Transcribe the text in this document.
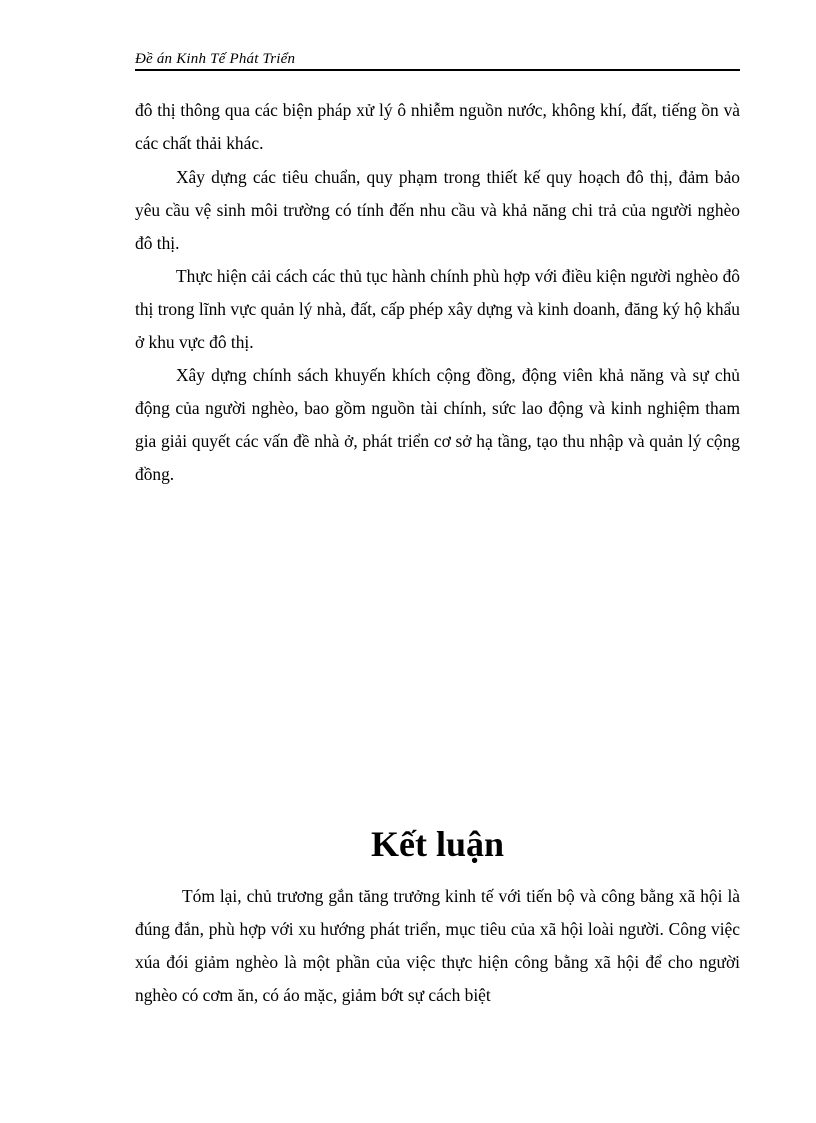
Đề án Kinh Tế Phát Triển

đô thị thông qua các biện pháp xử lý ô nhiễm nguồn nước, không khí, đất, tiếng ồn và các chất thải khác.

Xây dựng các tiêu chuẩn, quy phạm trong thiết kế quy hoạch đô thị, đảm bảo yêu cầu vệ sinh môi trường có tính đến nhu cầu và khả năng chi trả của người nghèo đô thị.

Thực hiện cải cách các thủ tục hành chính phù hợp với điều kiện người nghèo đô thị trong lĩnh vực quản lý nhà, đất, cấp phép xây dựng và kinh doanh, đăng ký hộ khẩu ở khu vực đô thị.

Xây dựng chính sách khuyến khích cộng đồng, động viên khả năng và sự chủ động của người nghèo, bao gồm nguồn tài chính, sức lao động và kinh nghiệm tham gia giải quyết các vấn đề nhà ở, phát triển cơ sở hạ tầng, tạo thu nhập và quản lý cộng đồng.

Kết luận

Tóm lại, chủ trương gắn tăng trưởng kinh tế với tiến bộ và công bằng xã hội là đúng đắn, phù hợp với xu hướng phát triển, mục tiêu của xã hội loài người. Công việc xúa đói giảm nghèo là một phần của việc thực hiện công bằng xã hội để cho người nghèo có cơm ăn, có áo mặc, giảm bớt sự cách biệt
